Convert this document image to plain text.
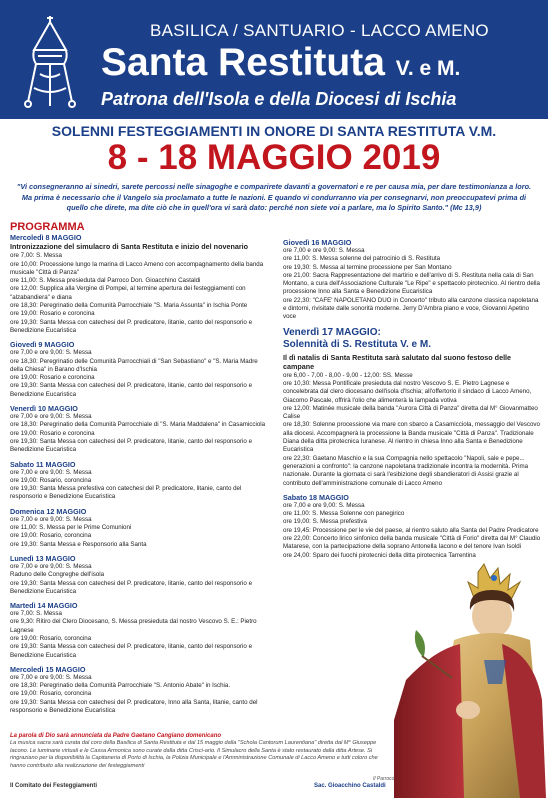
BASILICA / SANTUARIO - LACCO AMENO
Santa Restituta V. e M.
Patrona dell'Isola e della Diocesi di Ischia
SOLENNI FESTEGGIAMENTI IN ONORE DI SANTA RESTITUTA V.M.
8 - 18 MAGGIO 2019
"Vi consegneranno ai sinedri, sarete percossi nelle sinagoghe e comparirete davanti a governatori e re per causa mia, per dare testimonianza a loro. Ma prima è necessario che il Vangelo sia proclamato a tutte le nazioni. E quando vi condurranno via per consegnarvi, non preoccupatevi prima di quello che direte, ma dite ciò che in quell'ora vi sarà dato: perché non siete voi a parlare, ma lo Spirito Santo." (Mc 13,9)
PROGRAMMA
Mercoledì 8 MAGGIO
Intronizzazione del simulacro di Santa Restituta e inizio del novenario
ore 7,00: S. Messa
ore 10,00: Processione lungo la marina di Lacco Ameno con accompagnamento della banda musicale "Città di Panza"
ore 11,00: S. Messa presieduta dal Parroco Don. Gioacchino Castaldi
ore 12,00: Supplica alla Vergine di Pompei, al termine apertura dei festeggiamenti con "alzabandiera" e diana
ore 18,30: Peregrinatio della Comunità Parrocchiale "S. Maria Assunta" in Ischia Ponte
ore 19,00: Rosario e coroncina
ore 19,30: Santa Messa con catechesi del P. predicatore, litanie, canto del responsorio e Benedizione Eucaristica
Giovedì 9 MAGGIO
ore 7,00 e ore 9,00: S. Messa
ore 18,30: Peregrinatio delle Comunità Parrocchiali di "San Sebastiano" e "S. Maria Madre della Chiesa" in Barano d'Ischia
ore 19,00: Rosario e coroncina
ore 19,30: Santa Messa con catechesi del P. predicatore, litanie, canto del responsorio e Benedizione Eucaristica
Venerdì 10 MAGGIO
ore 7,00 e ore 9,00: S. Messa
ore 18,30: Peregrinatio della Comunità Parrocchiale di "S. Maria Maddalena" in Casamicciola
ore 19,00: Rosario e coroncina
ore 19,30: Santa Messa con catechesi del P. predicatore, litanie, canto del responsorio e Benedizione Eucaristica
Sabato 11 MAGGIO
ore 7,00 e ore 9,00: S. Messa
ore 19,00: Rosario, coroncina
ore 19,30: Santa Messa prefestiva con catechesi del P. predicatore, litanie, canto del responsorio e Benedizione Eucaristica
Domenica 12 MAGGIO
ore 7,00 e ore 9,00: S. Messa
ore 11,00: S. Messa per le Prime Comunioni
ore 19,00: Rosario, coroncina
ore 19,30: Santa Messa e Responsorio alla Santa
Lunedì 13 MAGGIO
ore 7,00 e ore 9,00: S. Messa
Raduno delle Congreghe dell'isola
ore 19,30: Santa Messa con catechesi del P. predicatore, litanie, canto del responsorio e Benedizione Eucaristica
Martedì 14 MAGGIO
ore 7,00: S. Messa
ore 9,30: Ritiro del Clero Diocesano, S. Messa presieduta dal nostro Vescovo S. E.: Pietro Lagnese
ore 19,00: Rosario, coroncina
ore 19,30: Santa Messa con catechesi del P. predicatore, litanie, canto del responsorio e Benedizione Eucaristica
Mercoledì 15 MAGGIO
ore 7,00 e ore 9,00: S. Messa
ore 18,30: Peregrinatio della Comunità Parrocchiale "S. Antonio Abate" in Ischia.
ore 19,00: Rosario, coroncina
ore 19,30: Santa Messa con catechesi del P. predicatore, Inno alla Santa, litanie, canto del responsorio e Benedizione Eucaristica
Giovedì 16 MAGGIO
ore 7,00 e ore 9,00: S. Messa
ore 11,00: S. Messa solenne del patrocinio di S. Restituta
ore 19,30: S. Messa al termine processione per San Montano
ore 21,00: Sacra Rappresentazione del martirio e dell'arrivo di S. Restituta nella cala di San Montano, a cura dell'Associazione Culturale "Le Ripe" e spettacolo pirotecnico. Al rientro della processione Inno alla Santa e Benedizione Eucaristica
ore 22,30: "CAFE' NAPOLETANO DUO in Concerto" tributo alla canzone classica napoletana e dintorni, rivisitate dalle sonorità moderne. Jerry D'Ambra piano e voce, Giovanni Apetino voce
Venerdì 17 MAGGIO:
Solennità di S. Restituta V. e M.
Il dì natalis di Santa Restituta sarà salutato dal suono festoso delle campane
ore 6,00 - 7,00 - 8,00 - 9,00 - 12,00: SS. Messe
ore 10,30: Messa Pontificale presieduta dal nostro Vescovo S. E. Pietro Lagnese e concelebrata dal clero diocesano dell'isola d'Ischia; all'offertorio il sindaco di Lacco Ameno, Giacomo Pascale, offrirà l'olio che alimenterà la lampada votiva
ore 12,00: Matinée musicale della banda "Aurora Città di Panza" diretta dal M° Giovanmatteo Calise
ore 18,30: Solenne processione via mare con sbarco a Casamicciola, messaggio del Vescovo alla diocesi. Accompagnerà la processione la Banda musicale "Città di Panza". Tradizionale Diana della ditta pirotecnica Iuranese. Al rientro in chiesa Inno alla Santa e Benedizione Eucaristica
ore 22,30: Gaetano Maschio e la sua Compagnia nello spettacolo "Napoli, sale e pepe... generazioni a confronto": la canzone napoletana tradizionale incontra la modernità. Prima nazionale. Durante la giornata ci sarà l'esibizione degli sbandieratori di Assisi grazie al contributo dell'amministrazione comunale di Lacco Ameno
Sabato 18 MAGGIO
ore 7,00 e ore 9,00: S. Messa
ore 11,00: S. Messa Solenne con panegirico
ore 19,00: S. Messa prefestiva
ore 19,45: Processione per le vie del paese, al rientro saluto alla Santa del Padre Predicatore
ore 22,00: Concerto lirico sinfonico della banda musicale "Città di Forio" diretta dal M° Claudio Matarese, con la partecipazione della soprano Antonella Iacono e del tenore Ivan Isoldi
ore 24,00: Sparo dei fuochi pirotecnici della ditta pirotecnica Tarrentina
La parola di Dio sarà annunciata da Padre Gaetano Cangiano domenicano
La musica sacra sarà curata dal coro della Basilica di Santa Restituta e dal 15 maggio dalla "Schola Cantorum Laurentiana" diretta dal M° Giuseppe Iacono. Le luminarie virtuali e le Cassa Armonica sono curate dalla ditta Crisci-ario. Il Simulacro della Santa è stato restaurato dalla ditta Artese. Si ringraziano per la disponibilità la Capitaneria di Porto di Ischia, la Polizia Municipale e l'Amministrazione Comunale di Lacco Ameno e tutti coloro che hanno contribuito alla realizzazione dei festeggiamenti
Il Parroco
Il Comitato dei Festeggiamenti	Sac. Gioacchino Castaldi
